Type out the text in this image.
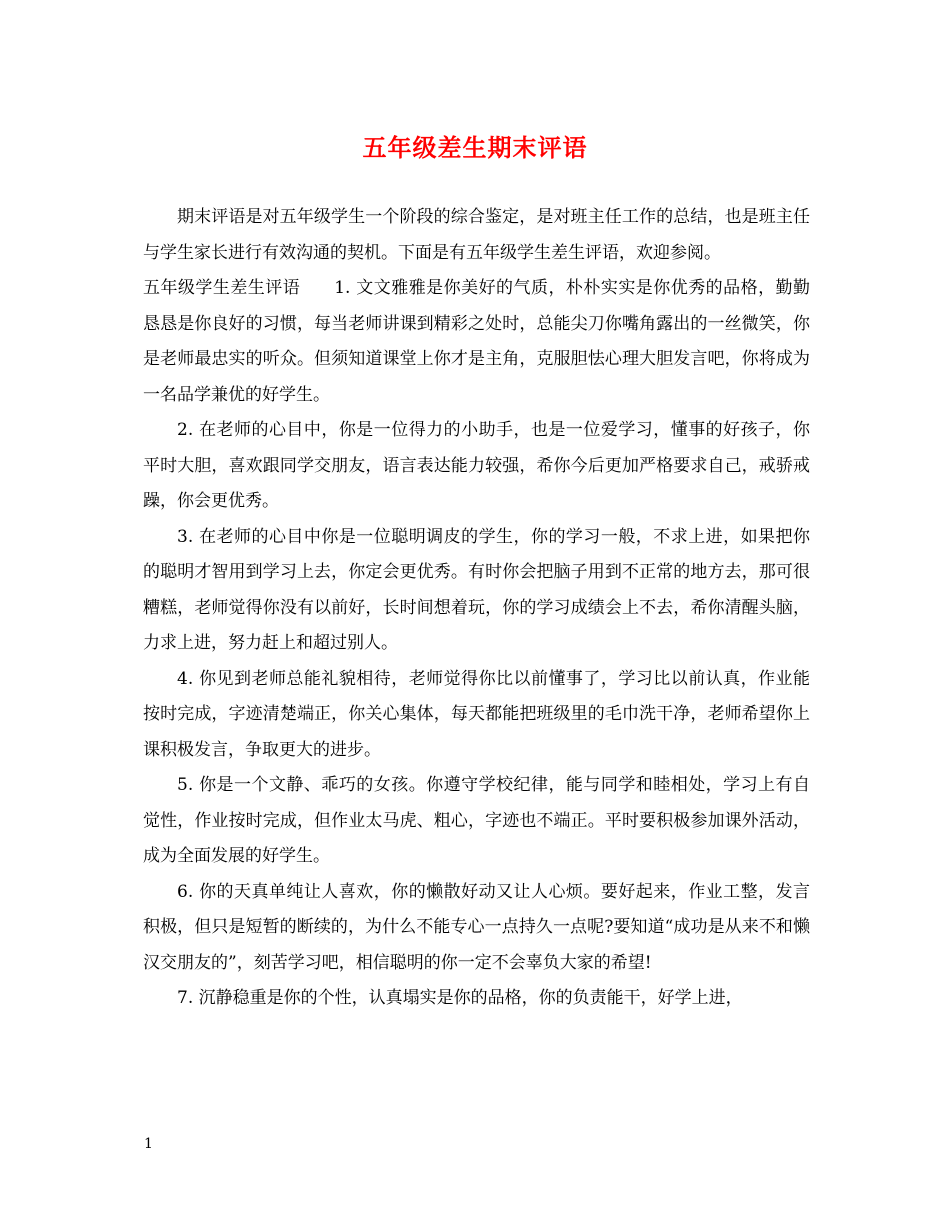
五年级差生期末评语

期末评语是对五年级学生一个阶段的综合鉴定，是对班主任工作的总结，也是班主任与学生家长进行有效沟通的契机。下面是有五年级学生差生评语，欢迎参阅。

五年级学生差生评语 1. 文文雅雅是你美好的气质，朴朴实实是你优秀的品格，勤勤恳恳是你良好的习惯，每当老师讲课到精彩之处时，总能尖刀你嘴角露出的一丝微笑，你是老师最忠实的听众。但须知道课堂上你才是主角，克服胆怯心理大胆发言吧，你将成为一名品学兼优的好学生。

2. 在老师的心目中，你是一位得力的小助手，也是一位爱学习，懂事的好孩子，你平时大胆，喜欢跟同学交朋友，语言表达能力较强，希你今后更加严格要求自己，戒骄戒躁，你会更优秀。

3. 在老师的心目中你是一位聪明调皮的学生，你的学习一般，不求上进，如果把你的聪明才智用到学习上去，你定会更优秀。有时你会把脑子用到不正常的地方去，那可很糟糕，老师觉得你没有以前好，长时间想着玩，你的学习成绩会上不去，希你清醒头脑，力求上进，努力赶上和超过别人。

4. 你见到老师总能礼貌相待，老师觉得你比以前懂事了，学习比以前认真，作业能按时完成，字迹清楚端正，你关心集体，每天都能把班级里的毛巾洗干净，老师希望你上课积极发言，争取更大的进步。

5. 你是一个文静、乖巧的女孩。你遵守学校纪律，能与同学和睦相处，学习上有自觉性，作业按时完成，但作业太马虎、粗心，字迹也不端正。平时要积极参加课外活动，成为全面发展的好学生。

6. 你的天真单纯让人喜欢，你的懒散好动又让人心烦。要好起来，作业工整，发言积极，但只是短暂的断续的，为什么不能专心一点持久一点呢?要知道“成功是从来不和懒汉交朋友的”，刻苦学习吧，相信聪明的你一定不会辜负大家的希望!

7. 沉静稳重是你的个性，认真塌实是你的品格，你的负责能干，好学上进，

1
